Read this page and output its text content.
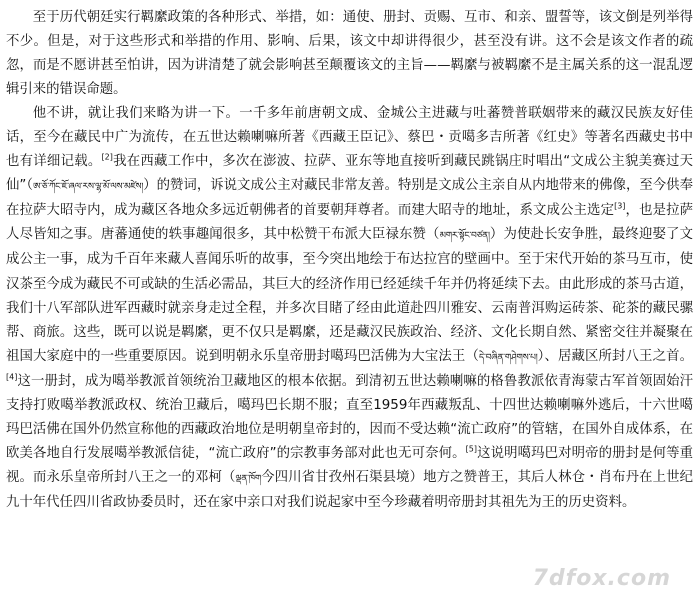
至于历代朝廷实行羁縻政策的各种形式、举措，如：通使、册封、贡赐、互市、和亲、盟誓等，该文倒是列举得不少。但是，对于这些形式和举措的作用、影响、后果，该文中却讲得很少，甚至没有讲。这不会是该文作者的疏忽，而是不愿讲甚至怕讲，因为讲清楚了就会影响甚至颠覆该文的主旨——羁縻与被羁縻不是主属关系的这一混乱逻辑引来的错误命题。

他不讲，就让我们来略为讲一下。一千多年前唐朝文成、金城公主进藏与吐蕃赞普联姻带来的藏汉民族友好佳话，至今在藏民中广为流传，在五世达赖喇嘛所著《西藏王臣记》、蔡巴・贡噶多吉所著《红史》等著名西藏史书中也有详细记载。[2]我在西藏工作中，多次在澎波、拉萨、亚东等地直接听到藏民跳锅庄时唱出“文成公主貌美赛过天仙”（ཨ་ཅོ་ཀོང་ཇོ་ཞལ་རས་ལྷ་མོ་ལས་མཛེས།）的赞词，诉说文成公主对藏民非常友善。特别是文成公主亲自从内地带来的佛像，至今供奉在拉萨大昭寺内，成为藏区各地众多远近朝佛者的首要朝拜尊者。而建大昭寺的地址，系文成公主选定[3]，也是拉萨人尽皆知之事。唐蕃通使的轶事趣闻很多，其中松赞干布派大臣禄东赞（མགར་སྟོང་བཙན།）为使赴长安争胜，最终迎娶了文成公主一事，成为千百年来藏人喜闻乐听的故事，至今突出地绘于布达拉宫的壁画中。至于宋代开始的茶马互市，使汉茶至今成为藏民不可或缺的生活必需品，其巨大的经济作用已经延续千年并仍将延续下去。由此形成的茶马古道，我们十八军部队进军西藏时就亲身走过全程，并多次目睹了经由此道赴四川雅安、云南普洱购运砖茶、砣茶的藏民骡帮、商旅。这些，既可以说是羁縻，更不仅只是羁縻，还是藏汉民族政治、经济、文化长期自然、紧密交往并凝聚在祖国大家庭中的一些重要原因。说到明朝永乐皇帝册封噶玛巴活佛为大宝法王（དེ་བཞིན་གཤེགས་པ།）、居藏区所封八王之首。[4]这一册封，成为噶举教派首领统治卫藏地区的根本依据。到清初五世达赖喇嘛的格鲁教派依青海蒙古军首领固始汗支持打败噶举教派政权、统治卫藏后，噶玛巴长期不服；直至1959年西藏叛乱、十四世达赖喇嘛外逃后，十六世噶玛巴活佛在国外仍然宣称他的西藏政治地位是明朝皇帝封的，因而不受达赖“流亡政府”的管辖，在国外自成体系，在欧美各地自行发展噶举教派信徒，“流亡政府”的宗教事务部对此也无可奈何。[5]这说明噶玛巴对明帝的册封是何等重视。而永乐皇帝所封八王之一的邓柯（ལྡན་ཁོག今四川省甘孜州石渠县境）地方之赞普王，其后人林仓・肖布丹在上世纪九十年代任四川省政协委员时，还在家中亲口对我们说起家中至今珍藏着明帝册封其祖先为王的历史资料。

7dfox.com
